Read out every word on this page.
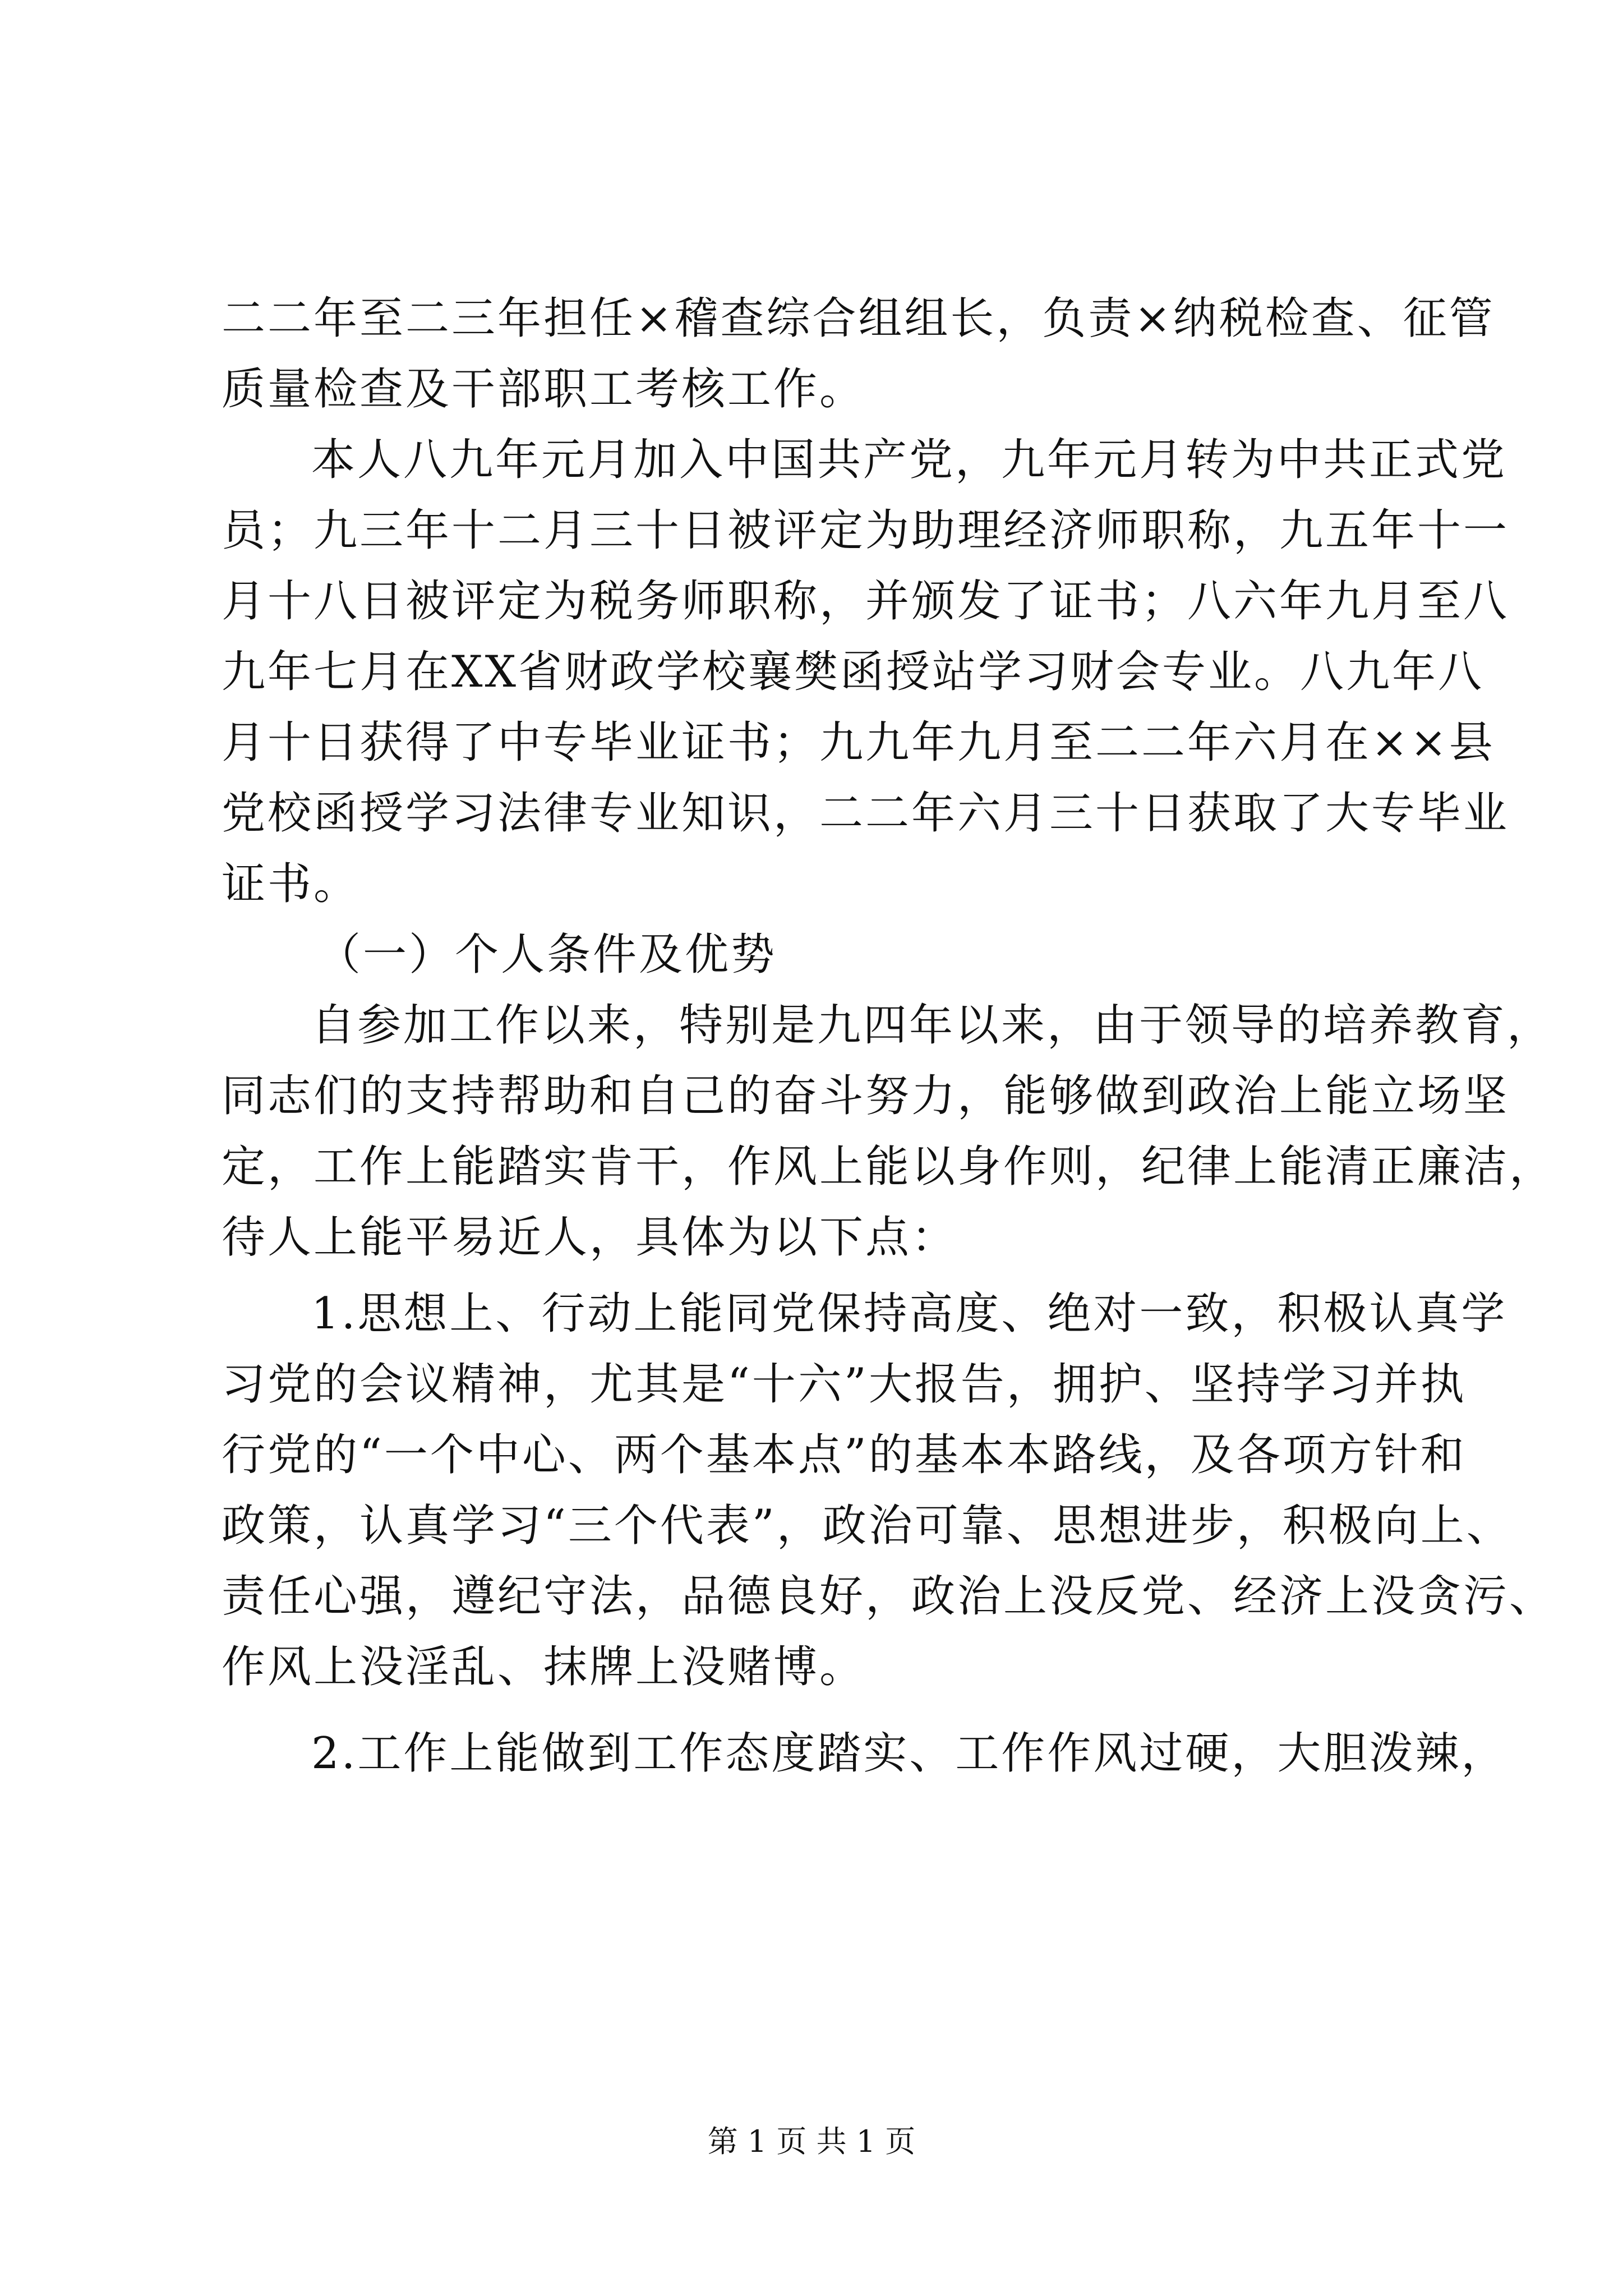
二二年至二三年担任×稽查综合组组长，负责×纳税检查、征管
质量检查及干部职工考核工作。
本人八九年元月加入中国共产党，九年元月转为中共正式党
员；九三年十二月三十日被评定为助理经济师职称，九五年十一
月十八日被评定为税务师职称，并颁发了证书；八六年九月至八
九年七月在XX省财政学校襄樊函授站学习财会专业。八九年八
月十日获得了中专毕业证书；九九年九月至二二年六月在××县
党校函授学习法律专业知识，二二年六月三十日获取了大专毕业
证书。
（一）个人条件及优势
自参加工作以来，特别是九四年以来，由于领导的培养教育，
同志们的支持帮助和自己的奋斗努力，能够做到政治上能立场坚
定，工作上能踏实肯干，作风上能以身作则，纪律上能清正廉洁，
待人上能平易近人，具体为以下点：
1.思想上、行动上能同党保持高度、绝对一致，积极认真学
习党的会议精神，尤其是“十六”大报告，拥护、坚持学习并执
行党的“一个中心、两个基本点”的基本本路线，及各项方针和
政策，认真学习“三个代表”，政治可靠、思想进步，积极向上、
责任心强，遵纪守法，品德良好，政治上没反党、经济上没贪污、
作风上没淫乱、抹牌上没赌博。
2.工作上能做到工作态度踏实、工作作风过硬，大胆泼辣，
第 1 页 共 1 页
